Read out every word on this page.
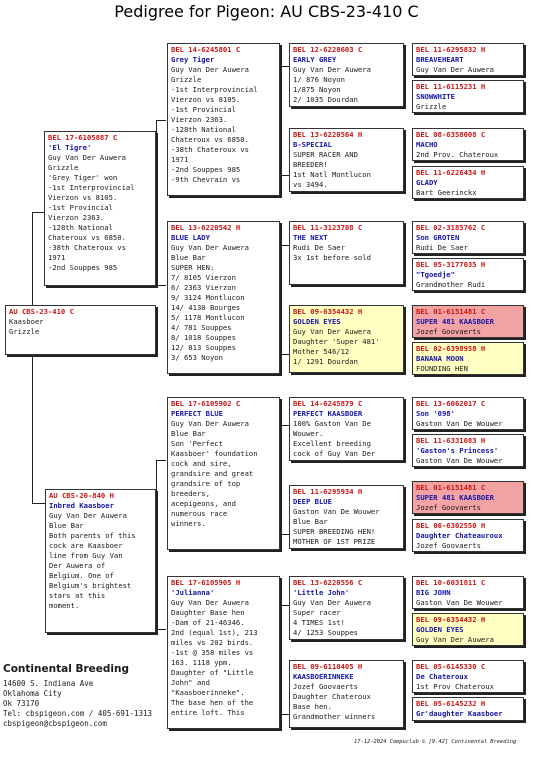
Pedigree for Pigeon: AU CBS-23-410 C
AU CBS-23-410 C
Kaasboer
Grizzle
BEL 17-6105887 C
'El Tigre'
Guy Van Der Auwera
Grizzle
'Grey Tiger' won
-1st Interprovincial
Vierzon vs 8105.
-1st Provincial
Vierzon 2363.
-128th National
Chateroux vs 6850.
-38th Chateroux vs
1971
-2nd Souppes 985
AU CBS-20-840 H
Inbred Kaasboer
Guy Van Der Auwera
Blue Bar
Both parents of this
cock are Kaasboer
line from Guy Van
Der Auwera of
Belgium. One of
Belgium's brightest
stars at this
moment.
BEL 14-6245801 C
Grey Tiger
Guy Van Der Auwera
Grizzle
-1st Interprovincial
Vierzon vs 8105.
-1st Provincial
Vierzon 2363.
-128th National
Chateroux vs 6850.
-38th Chateroux vs
1971
-2nd Souppes 985
-9th Chevrain vs
BEL 13-6220542 H
BLUE LADY
Guy Van Der Auwera
Blue Bar
SUPER HEN:
7/ 8105 Vierzon
6/ 2363 Vierzon
9/ 3124 Montlucon
14/ 4130 Bourges
5/ 1178 Montlucon
4/ 781 Souppes
8/ 1018 Souppes
12/ 813 Souppes
3/ 653 Noyon
BEL 17-6105902 C
PERFECT BLUE
Guy Van Der Auwera
Blue Bar
Son 'Perfect
Kaasboer' foundation
cock and sire,
grandsire and great
grandsire of top
breeders,
acepigeons, and
numerous race
winners.
BEL 17-6105905 H
'Julianna'
Guy Van Der Auwera
Daughter Base hen
-Dam of 21-46346.
2nd (equal 1st), 213
miles vs 202 birds.
-1st @ 358 miles vs
163. 1118 ypm.
Daughter of "Little
John" and
"Kaasboerinneke".
The base hen of the
entire loft. This
BEL 12-6228603 C
EARLY GREY
Guy Van Der Auwera
1/ 876 Noyon
1/875 Noyon
2/ 1035 Dourdan
BEL 13-6220564 H
B-SPECIAL
SUPER RACER AND
BREEDER!
1st Natl Montlucon
vs 3494.
BEL 11-3123708 C
THE NEXT
Rudi De Saer
3x 1st before sold
BEL 09-6354432 H
GOLDEN EYES
Guy Van Der Auwera
Daughter 'Super 481'
Mother 546/12
1/ 1291 Dourdan
BEL 14-6245879 C
PERFECT KAASBOER
100% Gaston Van De
Wouwer.
Excellent breeding
cock of Guy Van Der
BEL 11-6295934 H
DEEP BLUE
Gaston Van De Wouwer
Blue Bar
SUPER BREEDING HEN!
MOTHER OF 1ST PRIZE
BEL 13-6220556 C
'Little John'
Guy Van Der Auwera
Super racer
4 TIMES 1st!
4/ 1253 Souppes
BEL 09-6110405 H
KAASBOERINNEKE
Jozef Goovaerts
Daughter Chateroux
Base hen.
Grandmother winners
BEL 11-6295832 H
BREAVEHEART
Guy Van Der Auwera
BEL 11-6115231 H
SNOWWHITE
Grizzle
BEL 08-6358008 C
MACHO
2nd Prov. Chateroux
BEL 11-6226434 H
GLADY
Bart Geerinckx
BEL 02-3185762 C
Son GROTEN
Rudi De Saer
BEL 05-3177035 H
"Tgoedje"
Grandmother Rudi
BEL 01-6151481 C
SUPER 481 KAASBOER
Jozef Goovaerts
BEL 02-6398958 H
BANANA MOON
FOUNDING HEN
BEL 13-6062017 C
Son '098'
Gaston Van De Wouwer
BEL 11-6331083 H
'Gaston's Princess'
Gaston Van De Wouwer
BEL 01-6151481 C
SUPER 481 KAASBOER
Jozef Goovaerts
BEL 06-6302550 H
Daughter Chateauroux
Jozef Goovaerts
BEL 10-6031811 C
BIG JOHN
Gaston Van De Wouwer
BEL 09-6354432 H
GOLDEN EYES
Guy Van Der Auwera
BEL 05-6145330 C
De Chateroux
1st Prov Chateroux
BEL 05-6145232 H
Gr'daughter Kaasboer
Continental Breeding
14600 S. Indiana Ave
Oklahoma City
Ok 73170
Tel: cbspigeon.com / 405-691-1313
cbspigeon@cbspigeon.com
17-12-2024 Compuclub © [9.42] Continental Breeding
